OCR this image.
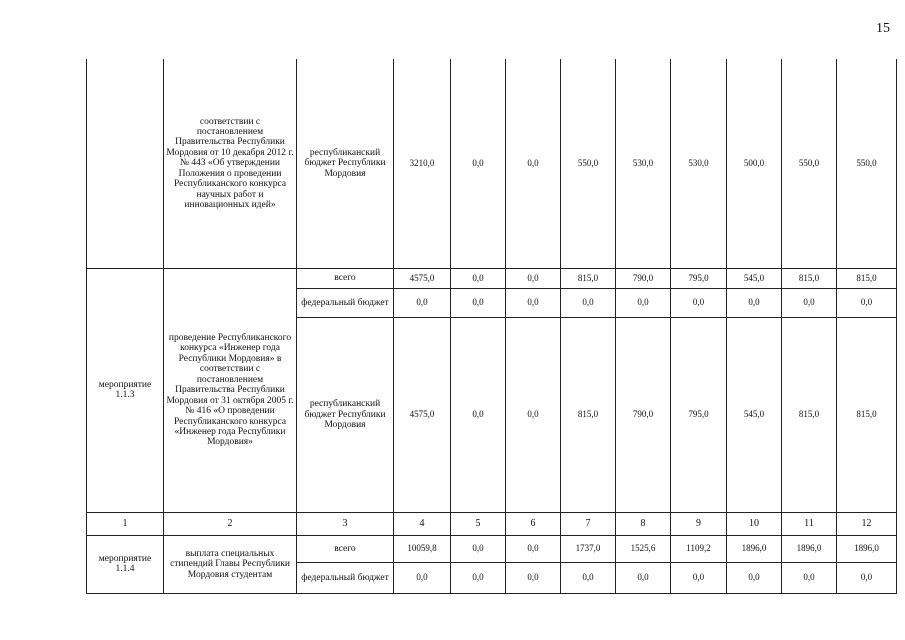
15
	соответствии с постановлением Правительства Республики Мордовия от 10 декабря 2012 г. № 443 «Об утверждении Положения о проведении Республиканского конкурса научных работ и инновационных идей»	республиканский бюджет Республики Мордовия	3210,0	0,0	0,0	550,0	530,0	530,0	500,0	550,0	550,0
мероприятие 1.1.3	проведение Республиканского конкурса «Инженер года Республики Мордовия» в соответствии с постановлением Правительства Республики Мордовия от 31 октября 2005 г. № 416 «О проведении Республиканского конкурса «Инженер года Республики Мордовия»	всего	4575,0	0,0	0,0	815,0	790,0	795,0	545,0	815,0	815,0
		федеральный бюджет	0,0	0,0	0,0	0,0	0,0	0,0	0,0	0,0	0,0
		республиканский бюджет Республики Мордовия	4575,0	0,0	0,0	815,0	790,0	795,0	545,0	815,0	815,0
1	2	3	4	5	6	7	8	9	10	11	12
мероприятие 1.1.4	выплата специальных стипендий Главы Республики Мордовия студентам	всего	10059,8	0,0	0,0	1737,0	1525,6	1109,2	1896,0	1896,0	1896,0
		федеральный бюджет	0,0	0,0	0,0	0,0	0,0	0,0	0,0	0,0	0,0
